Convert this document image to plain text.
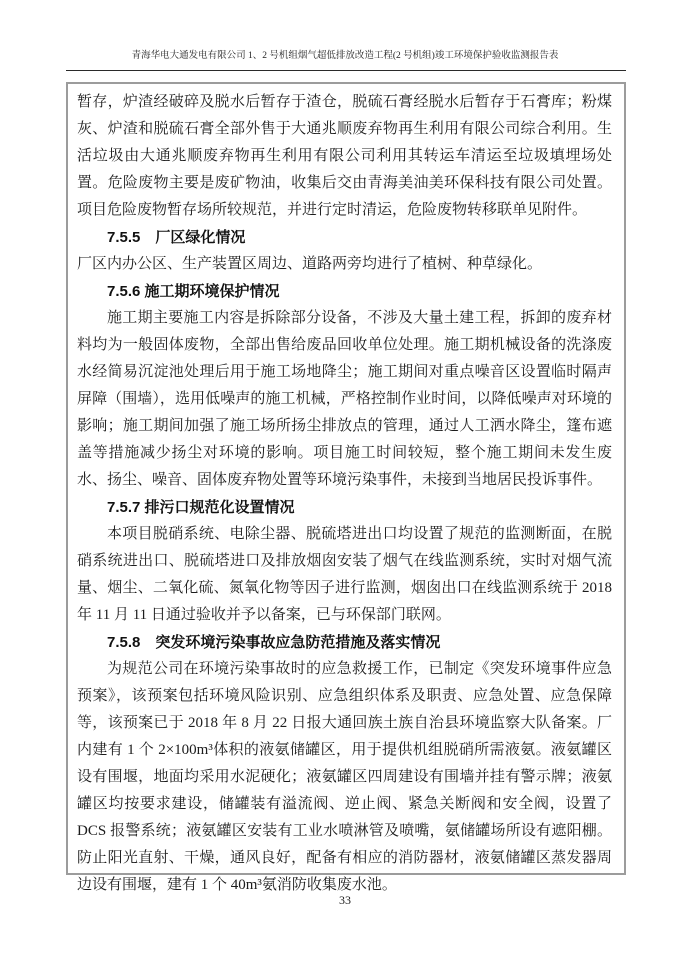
青海华电大通发电有限公司 1、2 号机组烟气超低排放改造工程(2 号机组)竣工环境保护验收监测报告表

暂存，炉渣经破碎及脱水后暂存于渣仓，脱硫石膏经脱水后暂存于石膏库；粉煤灰、炉渣和脱硫石膏全部外售于大通兆顺废弃物再生利用有限公司综合利用。生活垃圾由大通兆顺废弃物再生利用有限公司利用其转运车清运至垃圾填埋场处置。危险废物主要是废矿物油，收集后交由青海美油美环保科技有限公司处置。项目危险废物暂存场所较规范，并进行定时清运，危险废物转移联单见附件。

7.5.5　厂区绿化情况

厂区内办公区、生产装置区周边、道路两旁均进行了植树、种草绿化。

7.5.6 施工期环境保护情况

施工期主要施工内容是拆除部分设备，不涉及大量土建工程，拆卸的废弃材料均为一般固体废物，全部出售给废品回收单位处理。施工期机械设备的洗涤废水经简易沉淀池处理后用于施工场地降尘；施工期间对重点噪音区设置临时隔声屏障（围墙），选用低噪声的施工机械，严格控制作业时间，以降低噪声对环境的影响；施工期间加强了施工场所扬尘排放点的管理，通过人工洒水降尘，篷布遮盖等措施减少扬尘对环境的影响。项目施工时间较短，整个施工期间未发生废水、扬尘、噪音、固体废弃物处置等环境污染事件，未接到当地居民投诉事件。

7.5.7 排污口规范化设置情况

本项目脱硝系统、电除尘器、脱硫塔进出口均设置了规范的监测断面，在脱硝系统进出口、脱硫塔进口及排放烟囱安装了烟气在线监测系统，实时对烟气流量、烟尘、二氧化硫、氮氧化物等因子进行监测，烟囱出口在线监测系统于 2018 年 11 月 11 日通过验收并予以备案，已与环保部门联网。

7.5.8　突发环境污染事故应急防范措施及落实情况

为规范公司在环境污染事故时的应急救援工作，已制定《突发环境事件应急预案》，该预案包括环境风险识别、应急组织体系及职责、应急处置、应急保障等，该预案已于 2018 年 8 月 22 日报大通回族土族自治县环境监察大队备案。厂内建有 1 个 2×100m³体积的液氨储罐区，用于提供机组脱硝所需液氨。液氨罐区设有围堰，地面均采用水泥硬化；液氨罐区四周建设有围墙并挂有警示牌；液氨罐区均按要求建设，储罐装有溢流阀、逆止阀、紧急关断阀和安全阀，设置了 DCS 报警系统；液氨罐区安装有工业水喷淋管及喷嘴，氨储罐场所设有遮阳棚。防止阳光直射、干燥，通风良好，配备有相应的消防器材，液氨储罐区蒸发器周边设有围堰，建有 1 个 40m³氨消防收集废水池。

33
